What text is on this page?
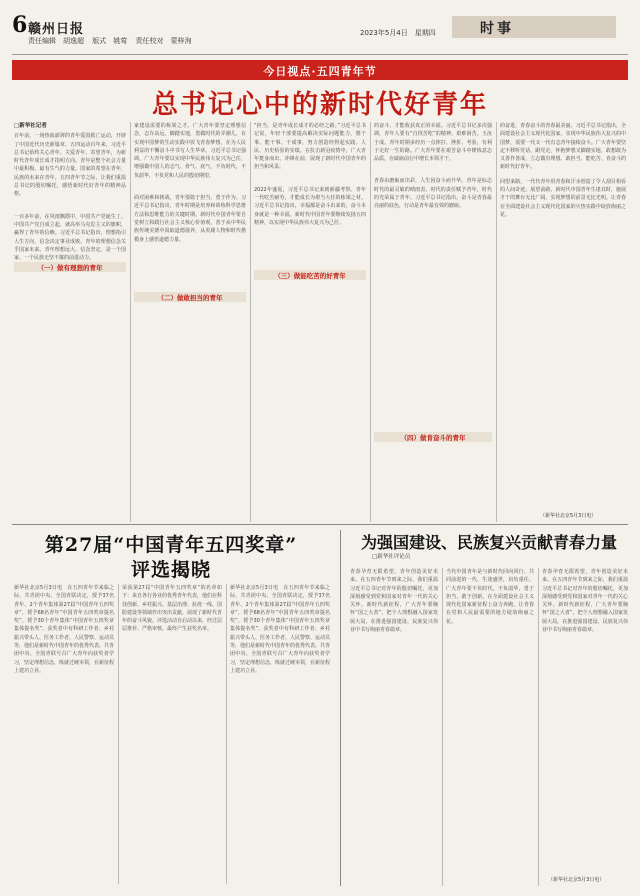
6 赣州日报
责任编辑　胡逸超 版式　姚莺 责任校对　蒙梓洵
2023年5月4日　星期四	时事
今日视点·五四青年节
总书记心中的新时代好青年
□新华社记者
百年前，一场热血澎湃的青年爱国救亡运动，开辟了中国近代历史新篇章。五四运动百年来，习近平总书记始终关心青年、关爱青年、寄望青年，为新时代青年成长成才指明方向。青年是整个社会力量中最积极、最有生气的力量，国家的希望在青年，民族的未来在青年。五四青年节之际，让我们重温总书记的殷切嘱托，感悟新时代好青年的精神品格。
一百多年前，在风雨飘摇中，中国共产党诞生了。中国共产党自成立起，就高举马克思主义的旗帜，赢得了青年的信赖。习近平总书记指出，理想指引人生方向，信念决定事业成败。青年的理想信念关乎国家未来。青年理想远大、信念坚定，是一个国家、一个民族无坚不摧的前进动力。
（一）做有理想的青年
家建设需要的栋梁之才。广大青年要坚定理想信念，志存高远，脚踏实地，勇做时代的弄潮儿，在实现中国梦的生动实践中放飞青春梦想，在为人民利益的不懈奋斗中书写人生华章。习近平总书记强调，广大青年要以实现中华民族伟大复兴为己任，增强做中国人的志气、骨气、底气，不负时代，不负韶华，不负党和人民的殷切期望。
面对困难和挑战，青年要敢于担当、勇于作为。习近平总书记指出，青年时期是培养和训练科学思维方法和思维能力的关键时期。新时代中国青年要自觉树立和践行社会主义核心价值观，善于从中华民族传统美德中汲取道德滋养，从英雄人物和时代楷模身上感悟道德力量。
（二）做敢担当的青年
“担当，是青年成长成才的必经之路。”习近平总书记说，年轻干部要提高解决实际问题能力，想干事、能干事、干成事，努力创造经得起实践、人民、历史检验的实绩。在抗击新冠疫情中，广大青年挺身而出、冲锋在前，展现了新时代中国青年的担当和风采。
2022年盛夏，习近平总书记来到新疆考察。青年一代吃苦耐劳，才能成长为堪当大任的栋梁之材。习近平总书记指出，幸福都是奋斗出来的，奋斗本身就是一种幸福。新时代中国青年要继续发扬五四精神，以实现中华民族伟大复兴为己任。
（三）做能吃苦的好青年
的奋斗，才能收获真正的幸福。习近平总书记多次强调，青年人要有“自找苦吃”的精神。艰难困苦，玉汝于成。青年时期多经历一点摔打、挫折、考验，有利于走好一生的路。广大青年要在艰苦奋斗中锤炼意志品质，在砥砺前行中增长本领才干。
青春由磨砺而出彩，人生因奋斗而升华。青年是标志时代的最灵敏的晴雨表，时代的责任赋予青年，时代的光荣属于青年。习近平总书记指出，奋斗是青春最亮丽的底色，行动是青年最有效的磨砺。
（四）做肯奋斗的青年
的奋进，青春奋斗的青春最美丽。习近平总书记指出，全面建设社会主义现代化国家，实现中华民族伟大复兴的中国梦，需要一代又一代有志青年接续奋斗。广大青年要坚定不移听党话、跟党走，怀抱梦想又脚踏实地，敢想敢为又善作善成，立志做有理想、敢担当、能吃苦、肯奋斗的新时代好青年。
回望来路，一代代青年用青春和汗水创造了令人刮目相看的人间奇迹。展望前路，新时代中国青年生逢其时，施展才干的舞台无比广阔，实现梦想的前景无比光明。让青春在全面建设社会主义现代化国家的火热实践中绽放绚丽之花。
（新华社北京5月3日电）
第27届“中国青年五四奖章”
评选揭晓
新华社北京5月3日电　在五四青年节来临之际，共青团中央、全国青联决定，授予37名青年、2个青年集体第27届“中国青年五四奖章”，授予68名青年“中国青年五四奖章提名奖”，授予30个青年集体“中国青年五四奖章集体提名奖”。获奖者中有科研工作者、乡村振兴带头人、医务工作者、人民警察、运动员等，他们是新时代中国青年的优秀代表。共青团中央、全国青联号召广大青年向获奖者学习，坚定理想信念，练就过硬本领，在新征程上建功立业。
荣获第27届“中国青年五四奖章”的名单如下：来自各行各业的优秀青年代表，他们在科技创新、乡村振兴、基层治理、抗疫一线、国防建设等领域作出突出贡献，展现了新时代青年的奋斗风貌。评选活动自启动以来，经过层层推荐、严格审核，最终产生获奖名单。
新华社北京5月3日电　在五四青年节来临之际，共青团中央、全国青联决定，授予37名青年、2个青年集体第27届“中国青年五四奖章”，授予68名青年“中国青年五四奖章提名奖”，授予30个青年集体“中国青年五四奖章集体提名奖”。获奖者中有科研工作者、乡村振兴带头人、医务工作者、人民警察、运动员等，他们是新时代中国青年的优秀代表。共青团中央、全国青联号召广大青年向获奖者学习，坚定理想信念，练就过硬本领，在新征程上建功立业。
为强国建设、民族复兴贡献青春力量
□新华社评论员
青春孕育无限希望，青年创造美好未来。在五四青年节到来之际，我们重温习近平总书记对青年的殷切嘱托，更加深刻感受到党和国家对青年一代的关心关怀。新时代新征程，广大青年要胸怀“国之大者”，把个人理想融入国家发展大局，在推进强国建设、民族复兴伟业中书写绚丽青春篇章。
当代中国青年是与新时代同向同行、共同前进的一代，生逢盛世，肩负重任。广大青年要不负时代，不负韶华，勇于担当，敢于创新，在全面建设社会主义现代化国家新征程上奋力奔跑，让青春在党和人民最需要的地方绽放绚丽之花。
青春孕育无限希望，青年创造美好未来。在五四青年节到来之际，我们重温习近平总书记对青年的殷切嘱托，更加深刻感受到党和国家对青年一代的关心关怀。新时代新征程，广大青年要胸怀“国之大者”，把个人理想融入国家发展大局，在推进强国建设、民族复兴伟业中书写绚丽青春篇章。
（新华社北京5月3日电）
